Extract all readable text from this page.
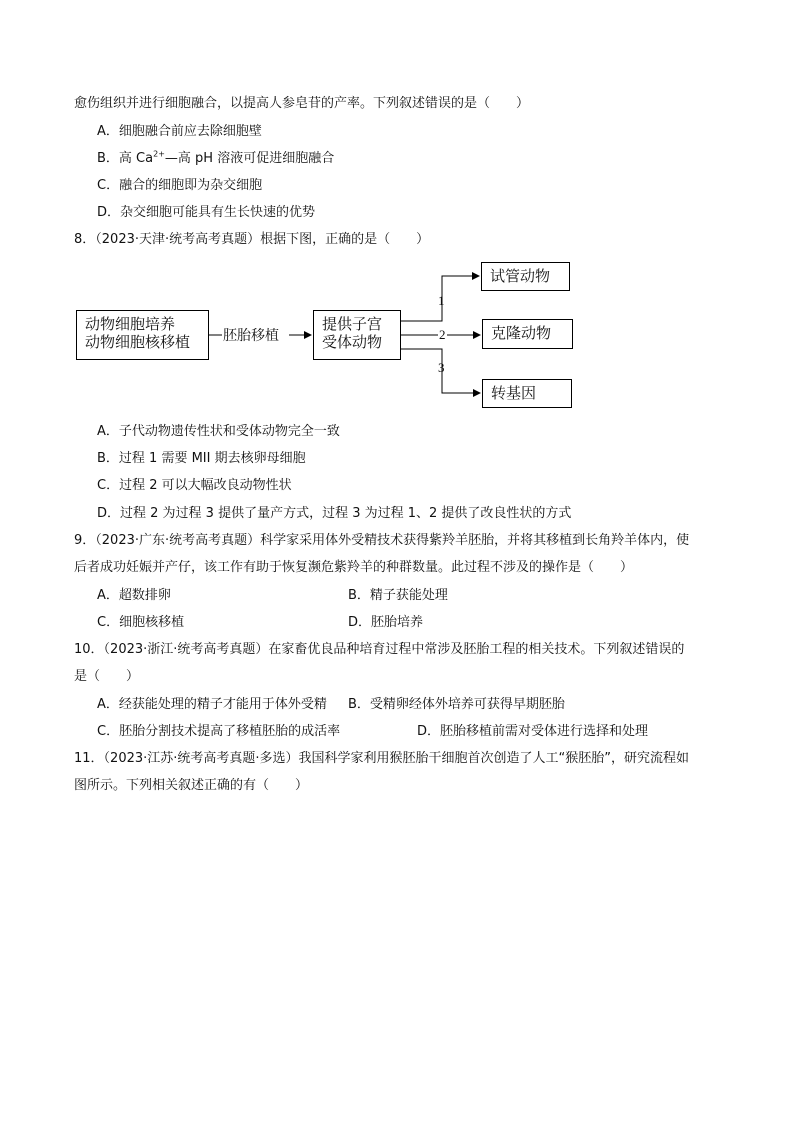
愈伤组织并进行细胞融合，以提高人参皂苷的产率。下列叙述错误的是（　　）
A．细胞融合前应去除细胞壁
B．高 $Ca^{2+}—$高 pH 溶液可促进细胞融合
C．融合的细胞即为杂交细胞
D．杂交细胞可能具有生长快速的优势
8．（2023·天津·统考高考真题）根据下图，正确的是（　　）
动物细胞培养
动物细胞核移植	胚胎移植
提供子宫
受体动物
1
2
3
试管动物
克隆动物
转基因
A．子代动物遗传性状和受体动物完全一致
B．过程 1 需要 MII 期去核卵母细胞
C．过程 2 可以大幅改良动物性状
D．过程 2 为过程 3 提供了量产方式，过程 3 为过程 1、2 提供了改良性状的方式
9．（2023·广东·统考高考真题）科学家采用体外受精技术获得紫羚羊胚胎，并将其移植到长角羚羊体内，使
后者成功妊娠并产仔，该工作有助于恢复濒危紫羚羊的种群数量。此过程不涉及的操作是（　　）
A．超数排卵	B．精子获能处理
C．细胞核移植	D．胚胎培养
10．（2023·浙江·统考高考真题）在家畜优良品种培育过程中常涉及胚胎工程的相关技术。下列叙述错误的
是（　　）
A．经获能处理的精子才能用于体外受精 B．受精卵经体外培养可获得早期胚胎
C．胚胎分割技术提高了移植胚胎的成活率	D．胚胎移植前需对受体进行选择和处理
11．（2023·江苏·统考高考真题·多选）我国科学家利用猴胚胎干细胞首次创造了人工“猴胚胎”，研究流程如
图所示。下列相关叙述正确的有（　　）
